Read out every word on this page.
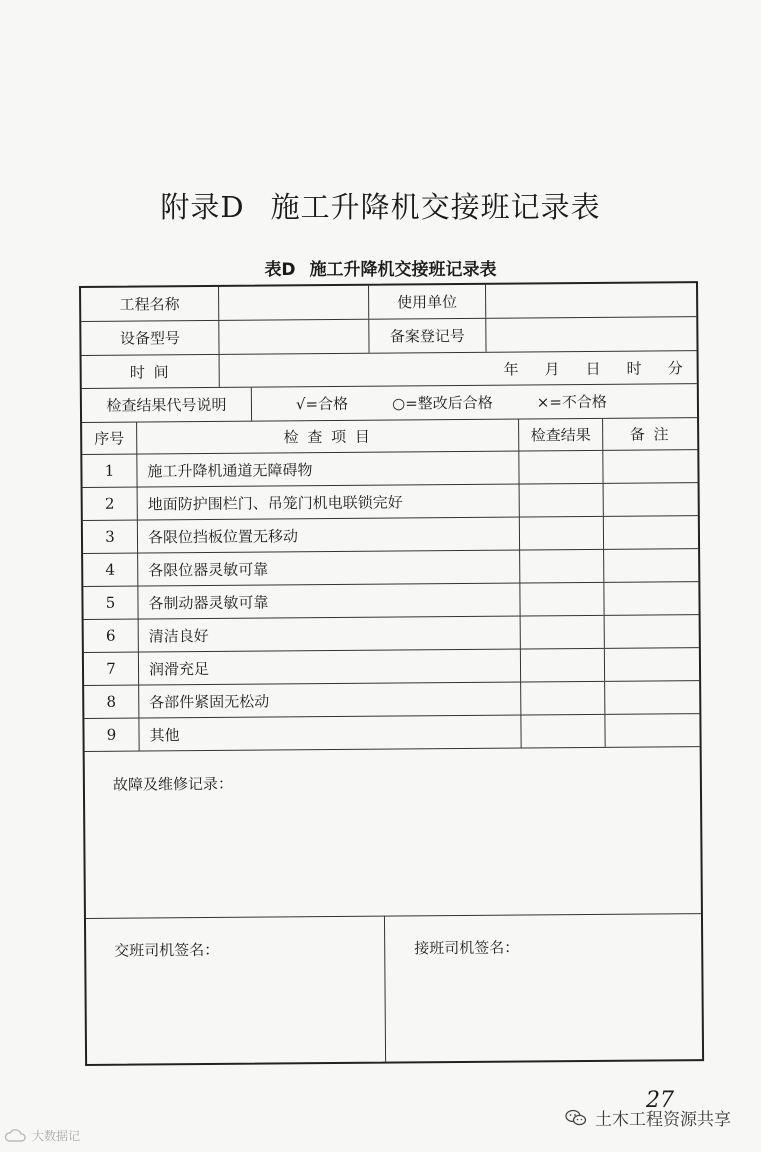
附录D 施工升降机交接班记录表
表D 施工升降机交接班记录表
工程名称	使用单位
设备型号	备案登记号
时 间	年 月 日 时 分
检查结果代号说明	√=合格	○=整改后合格	×=不合格
序号	检 查 项 目	检查结果	备 注
1	施工升降机通道无障碍物
2	地面防护围栏门、吊笼门机电联锁完好
3	各限位挡板位置无移动
4	各限位器灵敏可靠
5	各制动器灵敏可靠
6	清洁良好
7	润滑充足
8	各部件紧固无松动
9	其他
故障及维修记录：
交班司机签名：	接班司机签名：
27
土木工程资源共享
大数据记
